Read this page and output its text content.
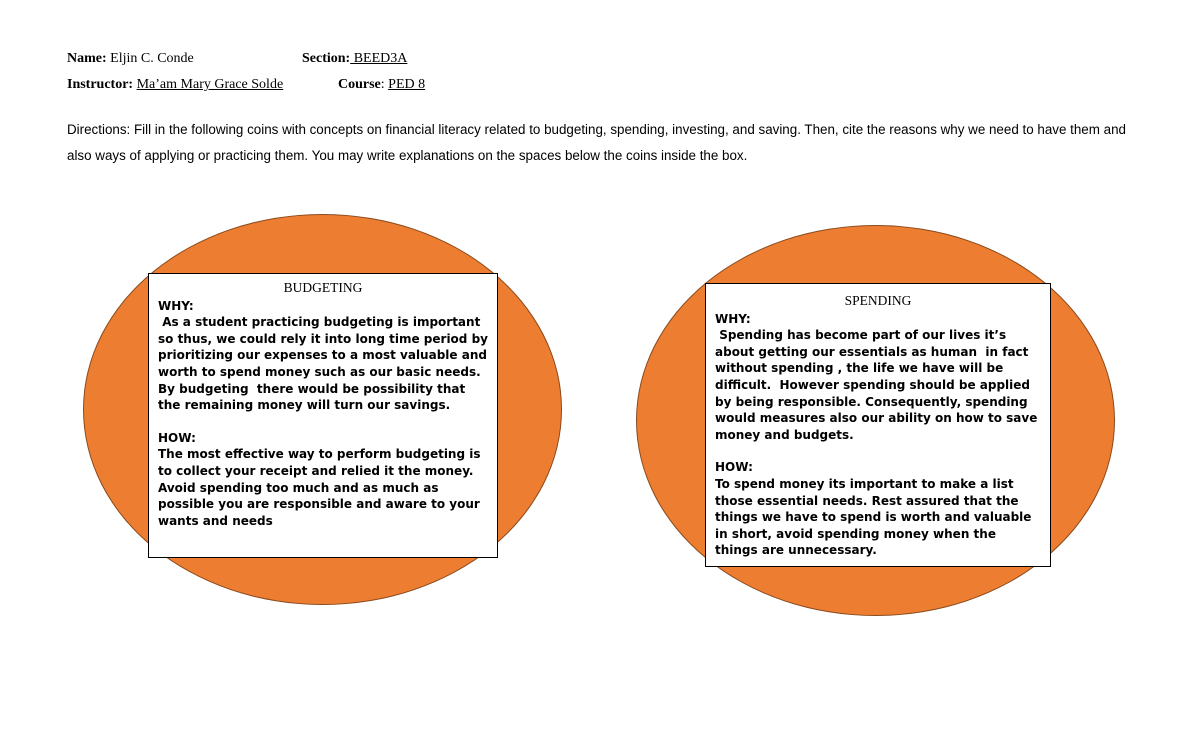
Name: Eljin C. Conde	Section: BEED3A
Instructor: Ma’am Mary Grace Solde	Course: PED 8
Directions: Fill in the following coins with concepts on financial literacy related to budgeting, spending, investing, and saving. Then, cite the reasons why we need to have them and also ways of applying or practicing them. You may write explanations on the spaces below the coins inside the box.
BUDGETING

WHY:

As a student practicing budgeting is important so thus, we could rely it into long time period by prioritizing our expenses to a most valuable and worth to spend money such as our basic needs. By budgeting  there would be possibility that the remaining money will turn our savings.

HOW:

The most effective way to perform budgeting is to collect your receipt and relied it the money. Avoid spending too much and as much as possible you are responsible and aware to your wants and needs

SPENDING

WHY:

Spending has become part of our lives it’s about getting our essentials as human  in fact without spending , the life we have will be difficult.  However spending should be applied by being responsible. Consequently, spending would measures also our ability on how to save money and budgets.

HOW:

To spend money its important to make a list those essential needs. Rest assured that the things we have to spend is worth and valuable in short, avoid spending money when the things are unnecessary.
